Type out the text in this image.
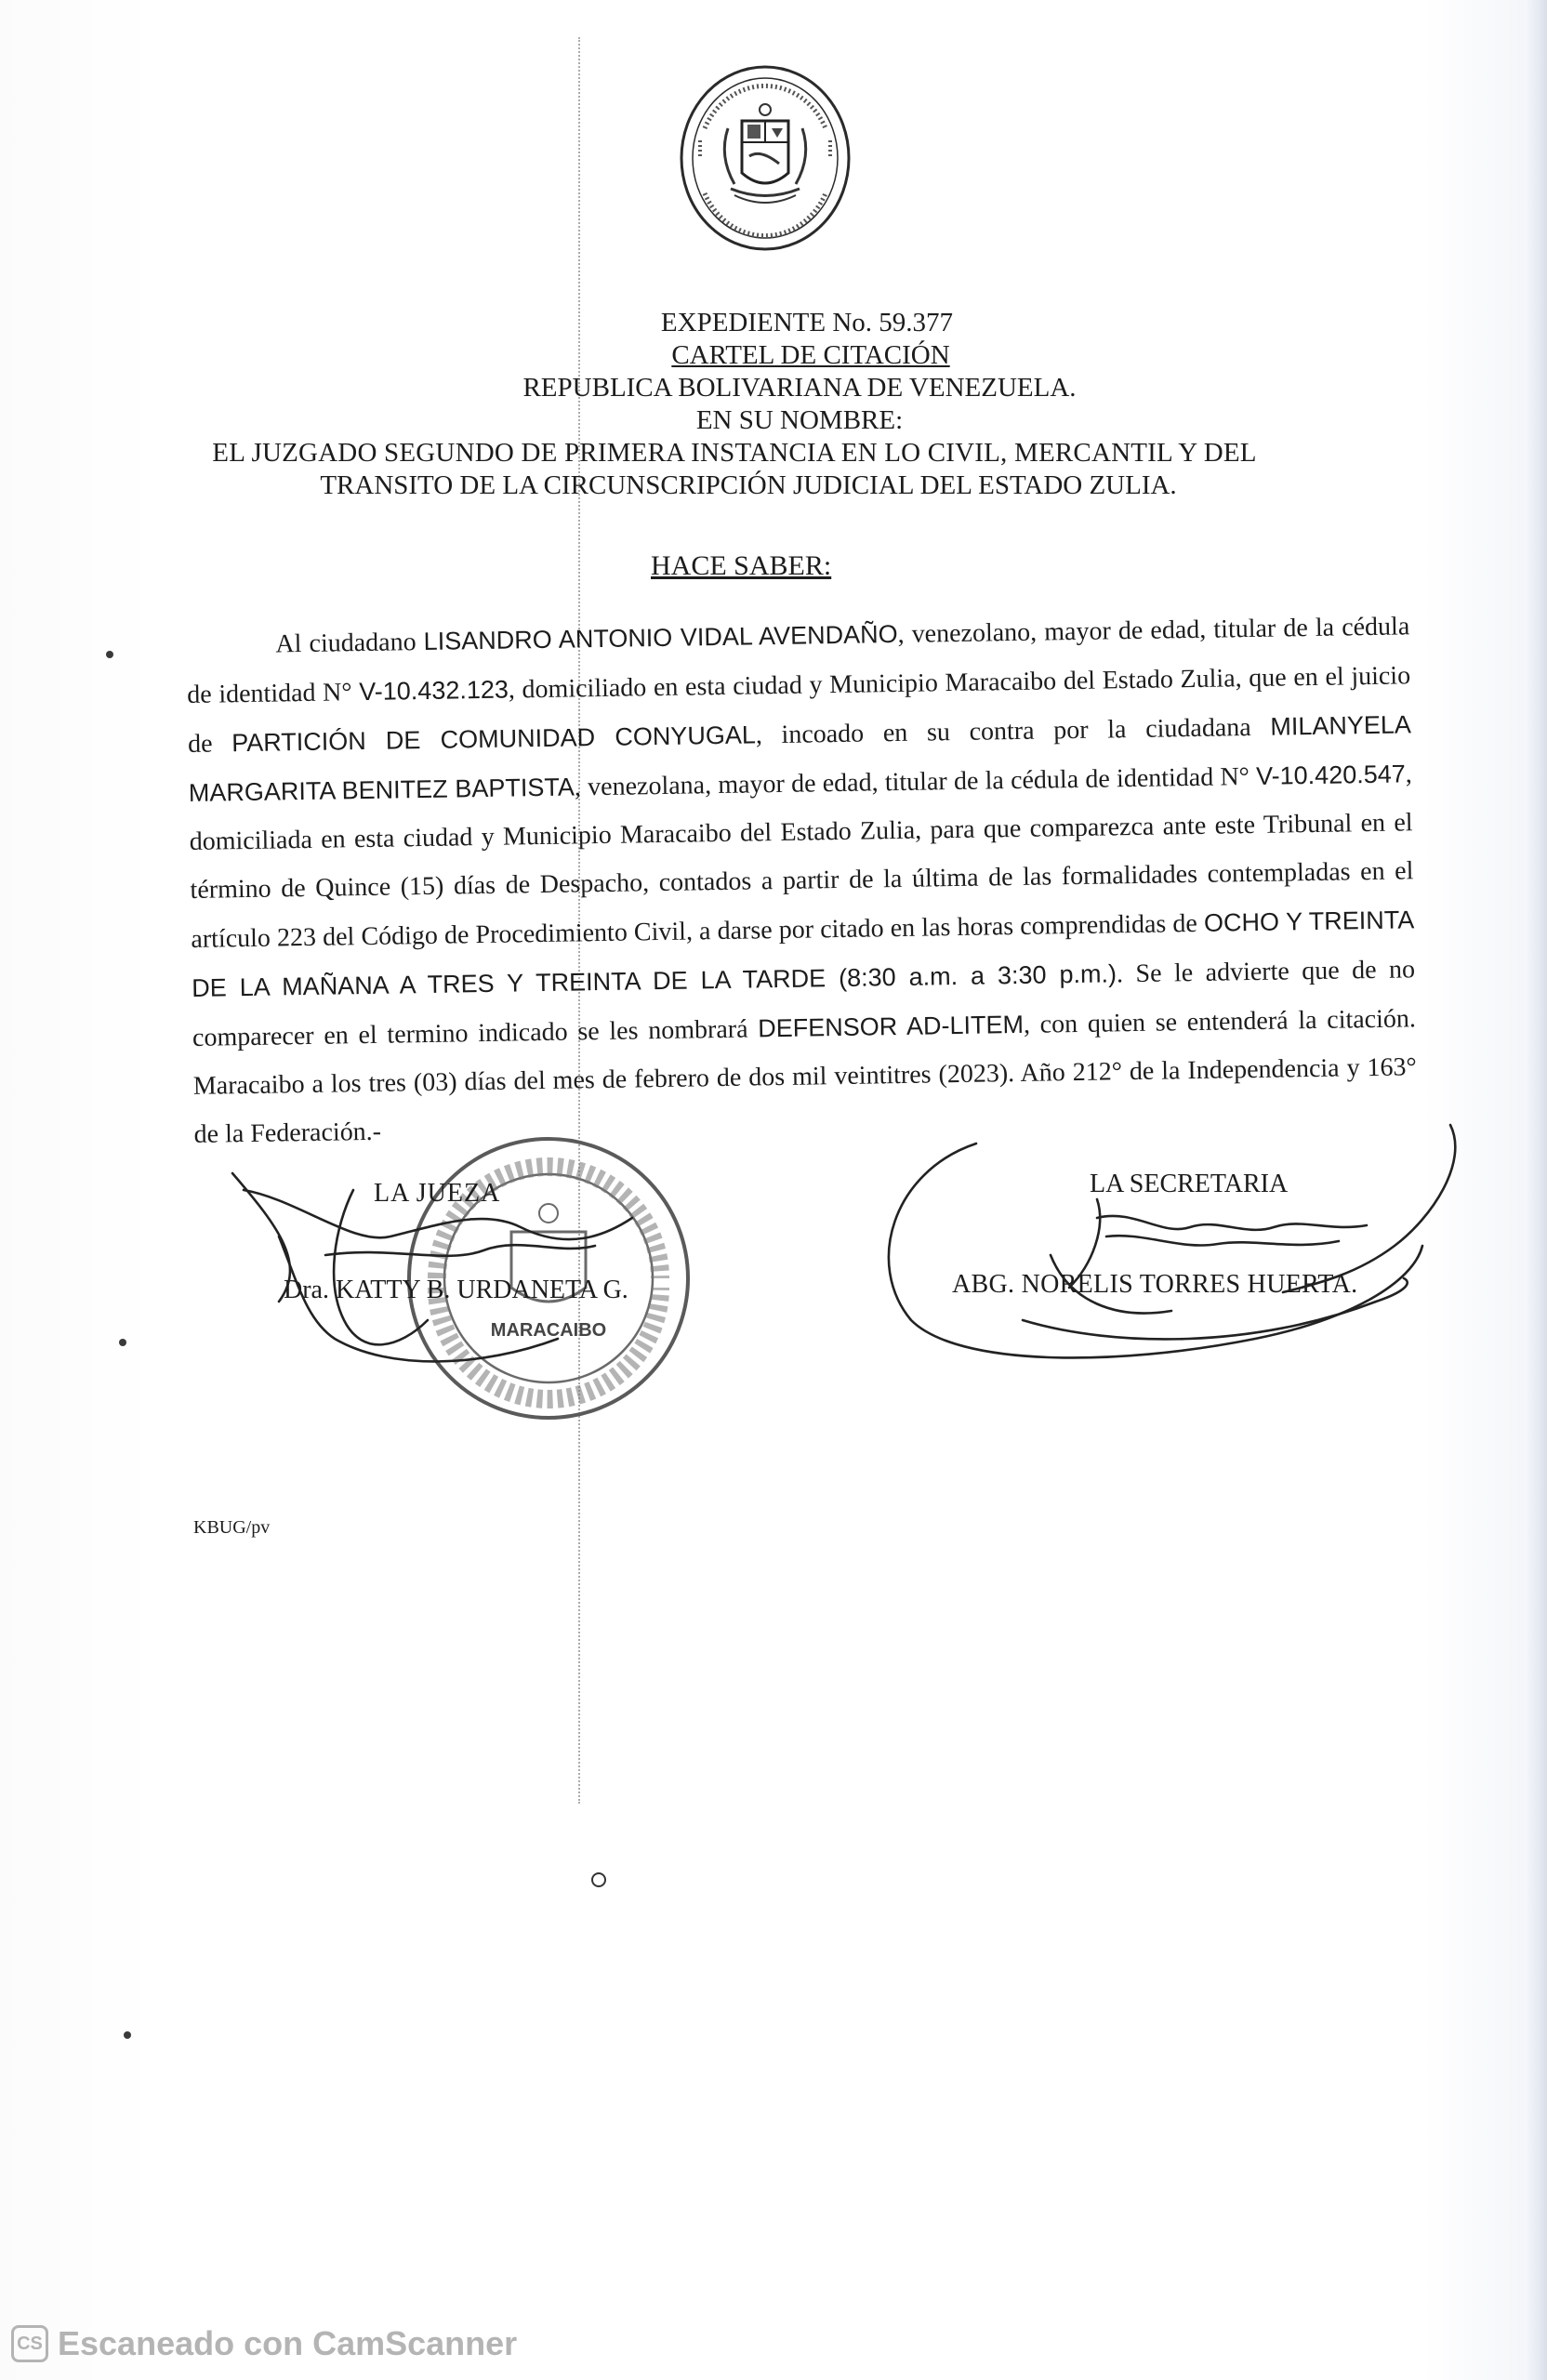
EXPEDIENTE No. 59.377
CARTEL DE CITACIÓN
REPUBLICA BOLIVARIANA DE VENEZUELA.
EN SU NOMBRE:
EL JUZGADO SEGUNDO DE PRIMERA INSTANCIA EN LO CIVIL, MERCANTIL Y DEL
TRANSITO DE LA CIRCUNSCRIPCIÓN JUDICIAL DEL ESTADO ZULIA.
HACE SABER:
Al ciudadano LISANDRO ANTONIO VIDAL AVENDAÑO, venezolano, mayor de edad, titular de la cédula de identidad N° V-10.432.123, domiciliado en esta ciudad y Municipio Maracaibo del Estado Zulia, que en el juicio de PARTICIÓN DE COMUNIDAD CONYUGAL, incoado en su contra por la ciudadana MILANYELA MARGARITA BENITEZ BAPTISTA, venezolana, mayor de edad, titular de la cédula de identidad N° V-10.420.547, domiciliada en esta ciudad y Municipio Maracaibo del Estado Zulia, para que comparezca ante este Tribunal en el término de Quince (15) días de Despacho, contados a partir de la última de las formalidades contempladas en el artículo 223 del Código de Procedimiento Civil, a darse por citado en las horas comprendidas de OCHO Y TREINTA DE LA MAÑANA A TRES Y TREINTA DE LA TARDE (8:30 a.m. a 3:30 p.m.). Se le advierte que de no comparecer en el termino indicado se les nombrará DEFENSOR AD-LITEM, con quien se entenderá la citación. Maracaibo a los tres (03) días del mes de febrero de dos mil veintitres (2023). Año 212° de la Independencia y 163° de la Federación.-
MARACAIBO
LA JUEZA
Dra. KATTY B. URDANETA G.
LA SECRETARIA
ABG. NORELIS TORRES HUERTA.
KBUG/pv
CS Escaneado con CamScanner
